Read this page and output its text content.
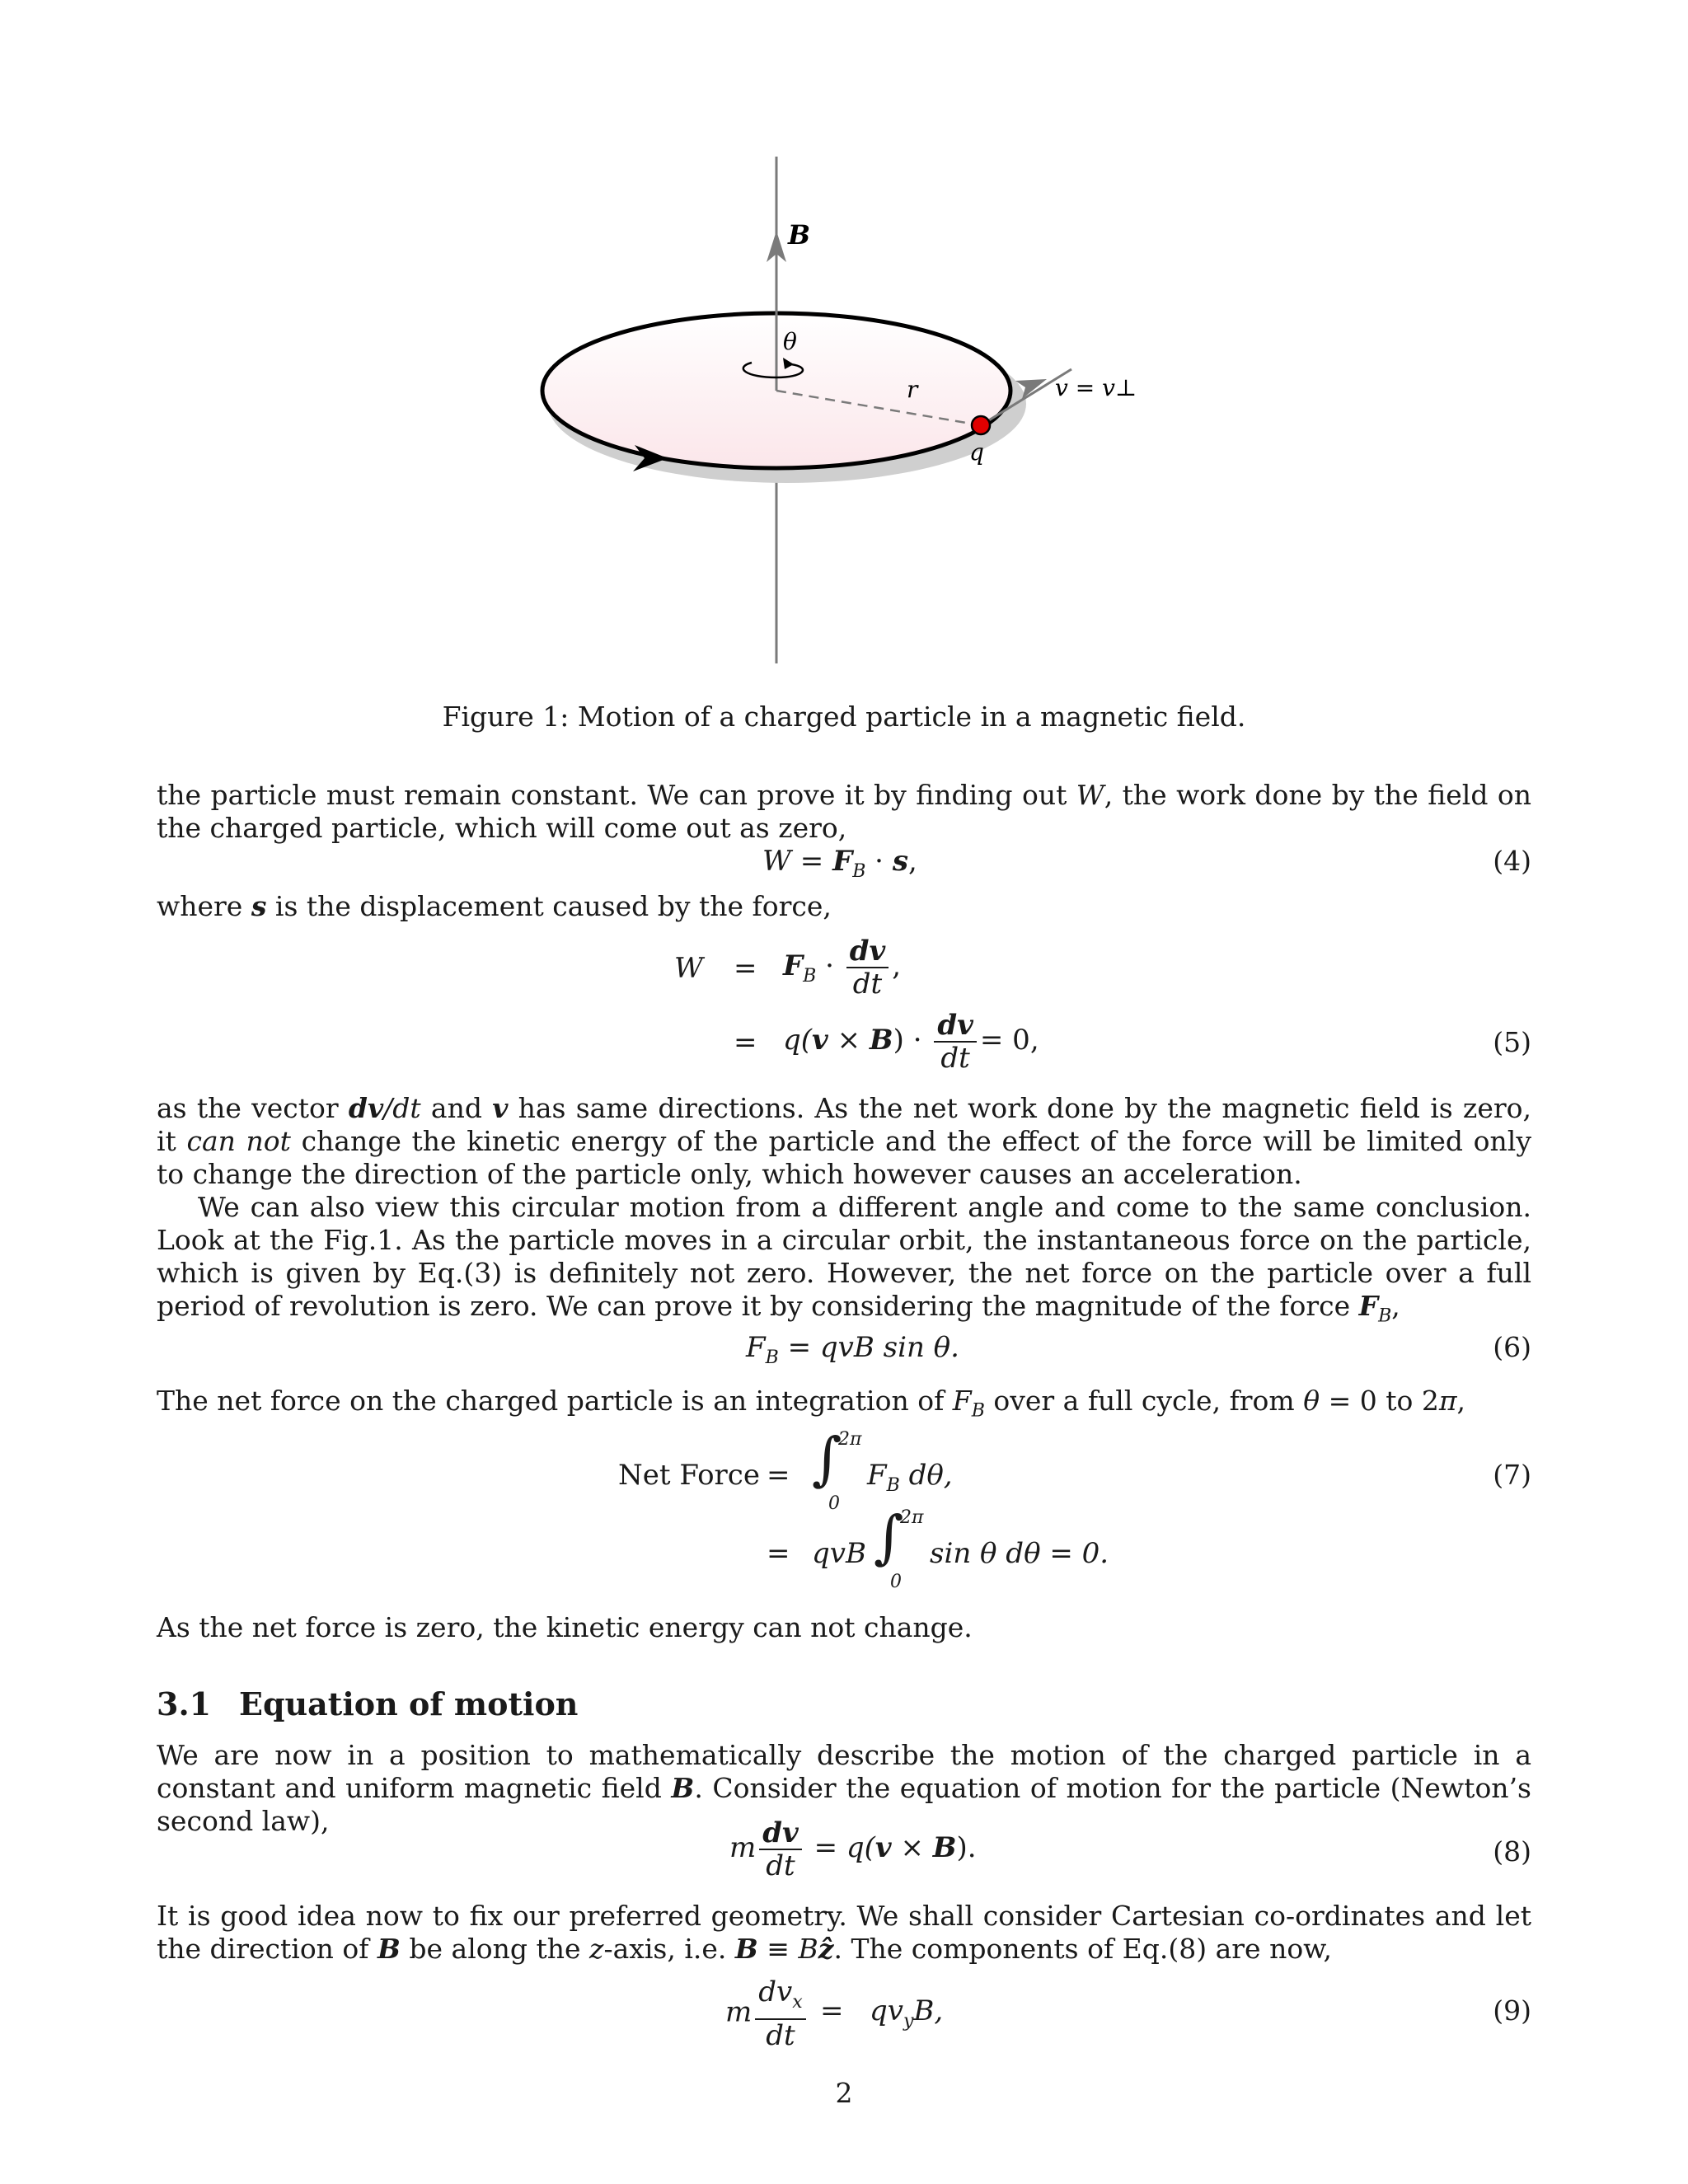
B
θ
r
q
v = v⊥
Figure 1: Motion of a charged particle in a magnetic field.
the particle must remain constant. We can prove it by finding out W, the work done by the field on the charged particle, which will come out as zero,
$W = F_B \cdot s$,	(4)
where s is the displacement caused by the force,
$W = F_B \cdot \frac{dv}{dt}$ ,
= $q(v \times B) \cdot \frac{dv}{dt} = 0$,	(5)
as the vector dv/dt and v has same directions. As the net work done by the magnetic field is zero, it can not change the kinetic energy of the particle and the effect of the force will be limited only to change the direction of the particle only, which however causes an acceleration.
We can also view this circular motion from a different angle and come to the same conclusion. Look at the Fig.1. As the particle moves in a circular orbit, the instantaneous force on the particle, which is given by Eq.(3) is definitely not zero. However, the net force on the particle over a full period of revolution is zero. We can prove it by considering the magnitude of the force $F_B$,
$F_B$ = qvB sin θ.	(6)
The net force on the charged particle is an integration of $F_B$ over a full cycle, from θ = 0 to 2π,
Net Force = ∫
2π
0
$F_B$ dθ,
= qvB ∫
2π
0
sin θ dθ = 0.
(7)
As the net force is zero, the kinetic energy can not change.
3.1 Equation of motion
We are now in a position to mathematically describe the motion of the charged particle in a constant and uniform magnetic field B. Consider the equation of motion for the particle (Newton’s second law),
m $\frac{dv}{dt} = q(v \times B)$.	(8)
It is good idea now to fix our preferred geometry. We shall consider Cartesian co-ordinates and let the direction of B be along the z-axis, i.e. B ≡ Bẑ. The components of Eq.(8) are now,
m $\frac{dv_x}{dt} = qv_yB$,	(9)
2
